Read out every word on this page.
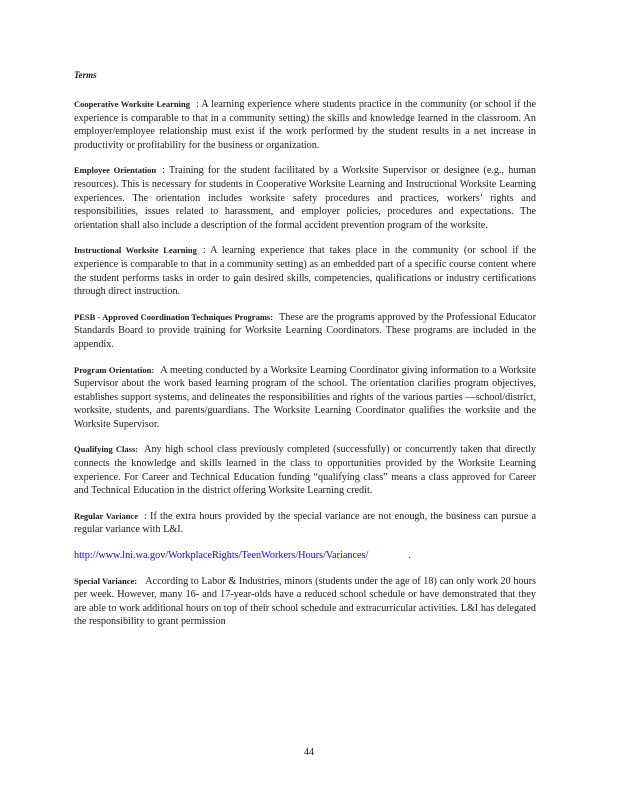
Terms
Cooperative Worksite Learning : A learning experience where students practice in the community (or school if the experience is comparable to that in a community setting) the skills and knowledge learned in the classroom. An employer/employee relationship must exist if the work performed by the student results in a net increase in productivity or profitability for the business or organization.
Employee Orientation : Training for the student facilitated by a Worksite Supervisor or designee (e.g., human resources). This is necessary for students in Cooperative Worksite Learning and Instructional Worksite Learning experiences. The orientation includes worksite safety procedures and practices, workers’ rights and responsibilities, issues related to harassment, and employer policies, procedures and expectations. The orientation shall also include a description of the formal accident prevention program of the worksite.
Instructional Worksite Learning : A learning experience that takes place in the community (or school if the experience is comparable to that in a community setting) as an embedded part of a specific course content where the student performs tasks in order to gain desired skills, competencies, qualifications or industry certifications through direct instruction.
PESB - Approved Coordination Techniques Programs: These are the programs approved by the Professional Educator Standards Board to provide training for Worksite Learning Coordinators. These programs are included in the appendix.
Program Orientation: A meeting conducted by a Worksite Learning Coordinator giving information to a Worksite Supervisor about the work based learning program of the school. The orientation clarifies program objectives, establishes support systems, and delineates the responsibilities and rights of the various parties —school/district, worksite, students, and parents/guardians. The Worksite Learning Coordinator qualifies the worksite and the Worksite Supervisor.
Qualifying Class: Any high school class previously completed (successfully) or concurrently taken that directly connects the knowledge and skills learned in the class to opportunities provided by the Worksite Learning experience. For Career and Technical Education funding “qualifying class” means a class approved for Career and Technical Education in the district offering Worksite Learning credit.
Regular Variance : If the extra hours provided by the special variance are not enough, the business can pursue a regular variance with L&I.
http://www.lni.wa.gov/WorkplaceRights/TeenWorkers/Hours/Variances/	.
Special Variance: According to Labor & Industries, minors (students under the age of 18) can only work 20 hours per week. However, many 16- and 17-year-olds have a reduced school schedule or have demonstrated that they are able to work additional hours on top of their school schedule and extracurricular activities. L&I has delegated the responsibility to grant permission
44
